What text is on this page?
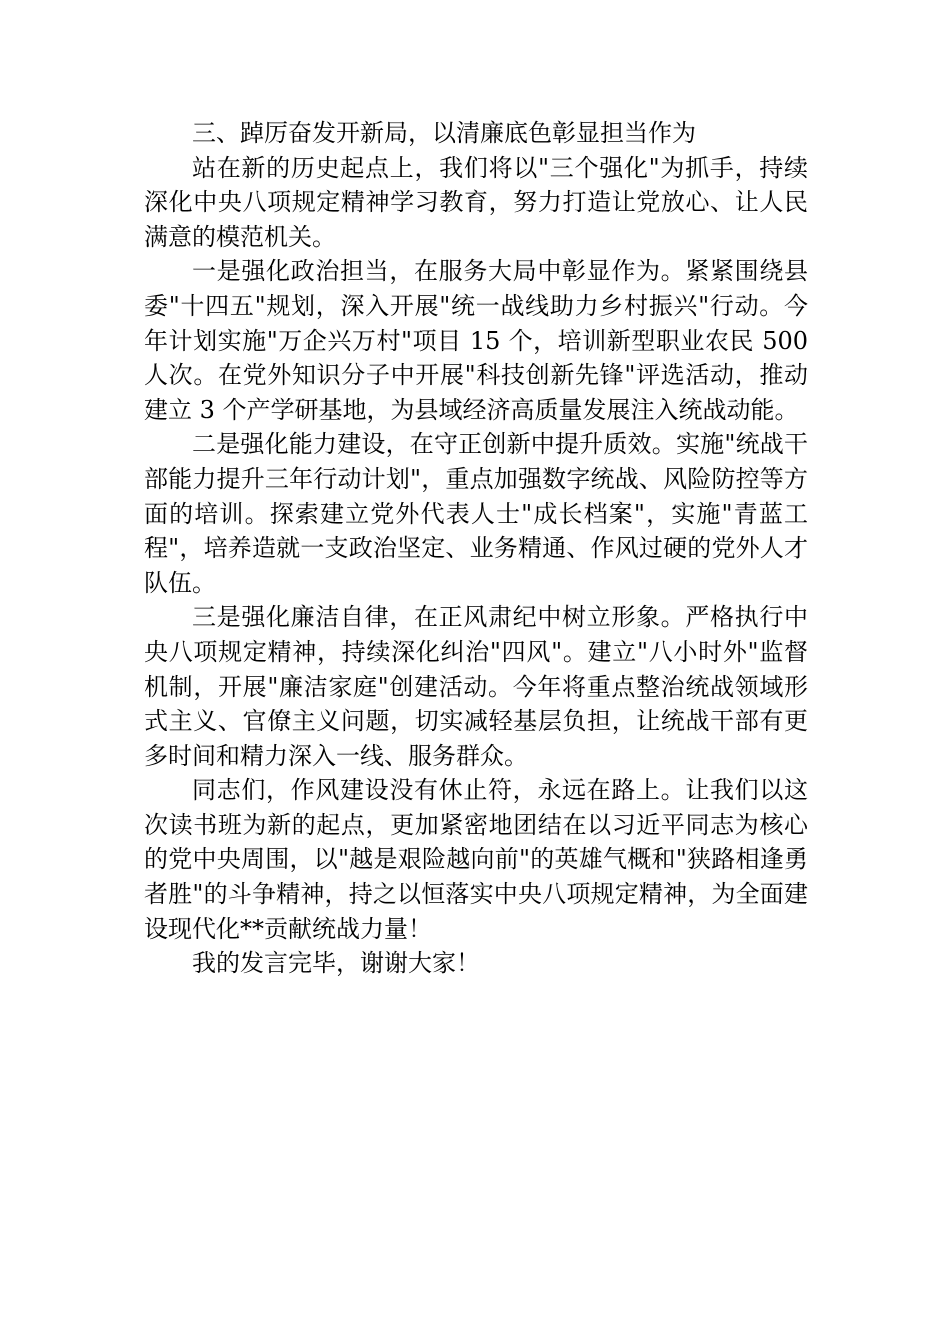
三、踔厉奋发开新局，以清廉底色彰显担当作为

站在新的历史起点上，我们将以"三个强化"为抓手，持续深化中央八项规定精神学习教育，努力打造让党放心、让人民满意的模范机关。

一是强化政治担当，在服务大局中彰显作为。紧紧围绕县委"十四五"规划，深入开展"统一战线助力乡村振兴"行动。今年计划实施"万企兴万村"项目 15 个，培训新型职业农民 500 人次。在党外知识分子中开展"科技创新先锋"评选活动，推动建立 3 个产学研基地，为县域经济高质量发展注入统战动能。

二是强化能力建设，在守正创新中提升质效。实施"统战干部能力提升三年行动计划"，重点加强数字统战、风险防控等方面的培训。探索建立党外代表人士"成长档案"，实施"青蓝工程"，培养造就一支政治坚定、业务精通、作风过硬的党外人才队伍。

三是强化廉洁自律，在正风肃纪中树立形象。严格执行中央八项规定精神，持续深化纠治"四风"。建立"八小时外"监督机制，开展"廉洁家庭"创建活动。今年将重点整治统战领域形式主义、官僚主义问题，切实减轻基层负担，让统战干部有更多时间和精力深入一线、服务群众。

同志们，作风建设没有休止符，永远在路上。让我们以这次读书班为新的起点，更加紧密地团结在以习近平同志为核心的党中央周围，以"越是艰险越向前"的英雄气概和"狭路相逢勇者胜"的斗争精神，持之以恒落实中央八项规定精神，为全面建设现代化**贡献统战力量！

我的发言完毕，谢谢大家！
